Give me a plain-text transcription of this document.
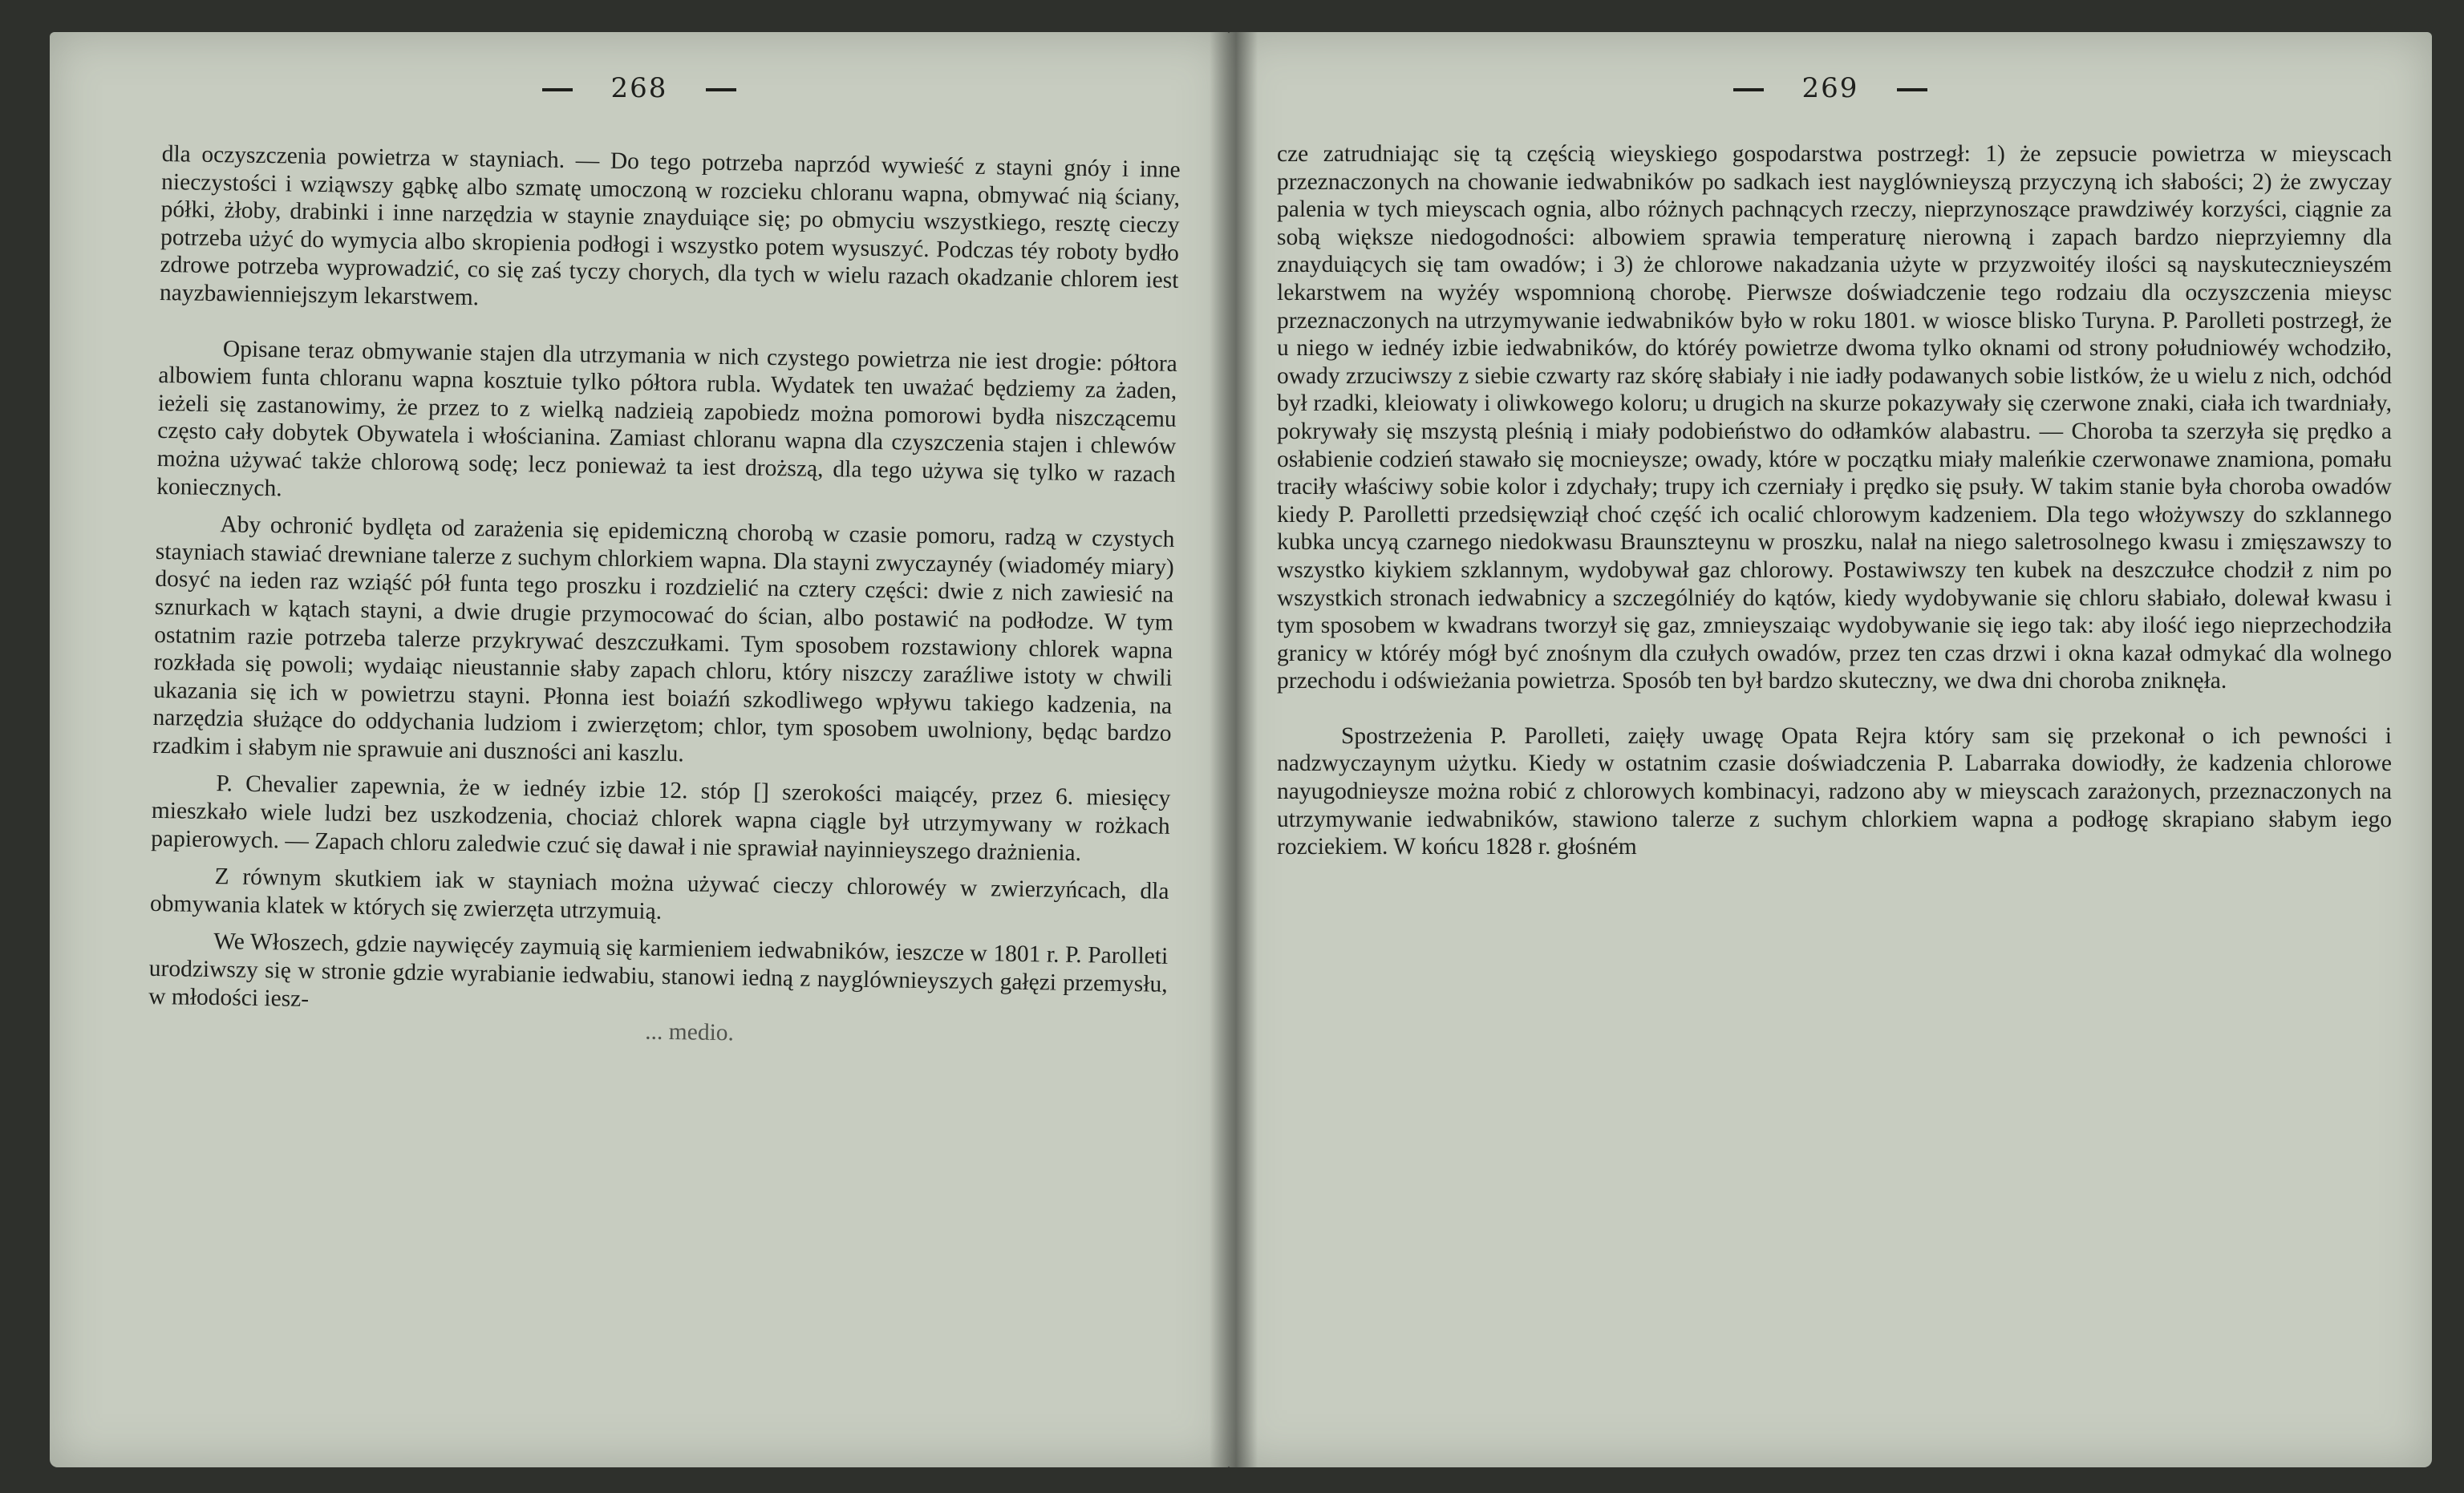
268

dla oczyszczenia powietrza w stayniach. — Do tego potrzeba naprzód wywieść z stayni gnóy i inne nieczystości i wziąwszy gąbkę albo szmatę umoczoną w rozcieku chloranu wapna, obmywać nią ściany, półki, żłoby, drabinki i inne narzędzia w staynie znayduiące się; po obmyciu wszystkiego, resztę cieczy potrzeba użyć do wymycia albo skropienia podłogi i wszystko potem wysuszyć. Podczas téy roboty bydło zdrowe potrzeba wyprowadzić, co się zaś tyczy chorych, dla tych w wielu razach okadzanie chlorem iest nayzbawienniejszym lekarstwem.

Opisane teraz obmywanie stajen dla utrzymania w nich czystego powietrza nie iest drogie: półtora albowiem funta chloranu wapna kosztuie tylko półtora rubla. Wydatek ten uważać będziemy za żaden, ieżeli się zastanowimy, że przez to z wielką nadzieią zapobiedz można pomorowi bydła niszczącemu często cały dobytek Obywatela i włościanina. Zamiast chloranu wapna dla czyszczenia stajen i chlewów można używać także chlorową sodę; lecz ponieważ ta iest droższą, dla tego używa się tylko w razach koniecznych.

Aby ochronić bydlęta od zarażenia się epidemiczną chorobą w czasie pomoru, radzą w czystych stayniach stawiać drewniane talerze z suchym chlorkiem wapna. Dla stayni zwyczaynéy (wiadoméy miary) dosyć na ieden raz wziąść pół funta tego proszku i rozdzielić na cztery części: dwie z nich zawiesić na sznurkach w kątach stayni, a dwie drugie przymocować do ścian, albo postawić na podłodze. W tym ostatnim razie potrzeba talerze przykrywać deszczułkami. Tym sposobem rozstawiony chlorek wapna rozkłada się powoli; wydaiąc nieustannie słaby zapach chloru, który niszczy zaraźliwe istoty w chwili ukazania się ich w powietrzu stayni. Płonna iest boiaźń szkodliwego wpływu takiego kadzenia, na narzędzia służące do oddychania ludziom i zwierzętom; chlor, tym sposobem uwolniony, będąc bardzo rzadkim i słabym nie sprawuie ani duszności ani kaszlu.

P. Chevalier zapewnia, że w iednéy izbie 12. stóp [] szerokości maiącéy, przez 6. miesięcy mieszkało wiele ludzi bez uszkodzenia, chociaż chlorek wapna ciągle był utrzymywany w rożkach papierowych. — Zapach chloru zaledwie czuć się dawał i nie sprawiał nayinnieyszego drażnienia.

Z równym skutkiem iak w stayniach można używać cieczy chlorowéy w zwierzyńcach, dla obmywania klatek w których się zwierzęta utrzymuią.

We Włoszech, gdzie naywięcéy zaymuią się karmieniem iedwabników, ieszcze w 1801 r. P. Parolleti urodziwszy się w stronie gdzie wyrabianie iedwabiu, stanowi iedną z nayglównieyszych gałęzi przemysłu, w młodości iesz-

... medio.

269

cze zatrudniając się tą częścią wieyskiego gospodarstwa postrzegł: 1) że zepsucie powietrza w mieyscach przeznaczonych na chowanie iedwabników po sadkach iest nayglównieyszą przyczyną ich słabości; 2) że zwyczay palenia w tych mieyscach ognia, albo różnych pachnących rzeczy, nieprzynoszące prawdziwéy korzyści, ciągnie za sobą większe niedogodności: albowiem sprawia temperaturę nierowną i zapach bardzo nieprzyiemny dla znayduiących się tam owadów; i 3) że chlorowe nakadzania użyte w przyzwoitéy ilości są nayskutecznieyszém lekarstwem na wyżéy wspomnioną chorobę. Pierwsze doświadczenie tego rodzaiu dla oczyszczenia mieysc przeznaczonych na utrzymywanie iedwabników było w roku 1801. w wiosce blisko Turyna. P. Parolleti postrzegł, że u niego w iednéy izbie iedwabników, do któréy powietrze dwoma tylko oknami od strony południowéy wchodziło, owady zrzuciwszy z siebie czwarty raz skórę słabiały i nie iadły podawanych sobie listków, że u wielu z nich, odchód był rzadki, kleiowaty i oliwkowego koloru; u drugich na skurze pokazywały się czerwone znaki, ciała ich twardniały, pokrywały się mszystą pleśnią i miały podobieństwo do odłamków alabastru. — Choroba ta szerzyła się prędko a osłabienie codzień stawało się mocnieysze; owady, które w początku miały maleńkie czerwonawe znamiona, pomału traciły właściwy sobie kolor i zdychały; trupy ich czerniały i prędko się psuły. W takim stanie była choroba owadów kiedy P. Parolletti przedsięwziął choć część ich ocalić chlorowym kadzeniem. Dla tego włożywszy do szklannego kubka uncyą czarnego niedokwasu Braunszteynu w proszku, nalał na niego saletrosolnego kwasu i zmięszawszy to wszystko kiykiem szklannym, wydobywał gaz chlorowy. Postawiwszy ten kubek na deszczułce chodził z nim po wszystkich stronach iedwabnicy a szczególniéy do kątów, kiedy wydobywanie się chloru słabiało, dolewał kwasu i tym sposobem w kwadrans tworzył się gaz, zmnieyszaiąc wydobywanie się iego tak: aby ilość iego nieprzechodziła granicy w któréy mógł być znośnym dla czułych owadów, przez ten czas drzwi i okna kazał odmykać dla wolnego przechodu i odświeżania powietrza. Sposób ten był bardzo skuteczny, we dwa dni choroba zniknęła.

Spostrzeżenia P. Parolleti, zaięły uwagę Opata Rejra który sam się przekonał o ich pewności i nadzwyczaynym użytku. Kiedy w ostatnim czasie doświadczenia P. Labarraka dowiodły, że kadzenia chlorowe nayugodnieysze można robić z chlorowych kombinacyi, radzono aby w mieyscach zarażonych, przeznaczonych na utrzymywanie iedwabników, stawiono talerze z suchym chlorkiem wapna a podłogę skrapiano słabym iego rozciekiem. W końcu 1828 r. głośném
